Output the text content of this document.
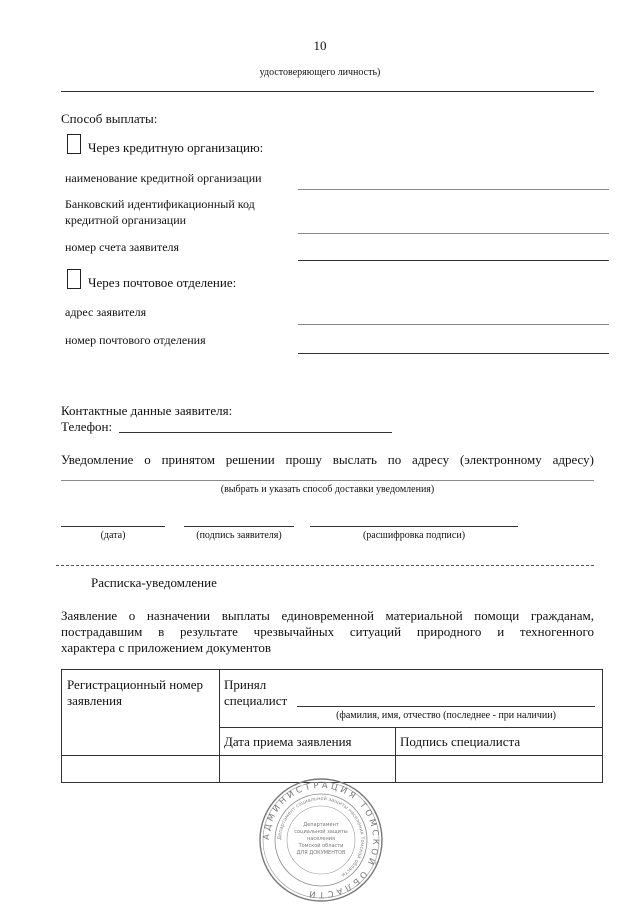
10
удостоверяющего личность)
Способ выплаты:
Через кредитную организацию:
наименование кредитной организации
Банковский идентификационный код
кредитной организации
номер счета заявителя
Через почтовое отделение:
адрес заявителя
номер почтового отделения
Контактные данные заявителя:
Телефон:
Уведомление о принятом решении прошу выслать по адресу (электронному адресу)
(выбрать и указать способ доставки уведомления)
(дата)	(подпись заявителя)	(расшифровка подписи)
Расписка-уведомление
Заявление о назначении выплаты единовременной материальной помощи гражданам,
пострадавшим в результате чрезвычайных ситуаций природного и техногенного
характера с приложением документов
Регистрационный номер заявления	Принял
специалист
(фамилия, имя, отчество (последнее - при наличии)	

	Дата приема заявления	Подпись специалиста

АДМИНИСТРАЦИЯ ТОМСКОЙ ОБЛАСТИ
Департамент социальной защиты населения Томской области
Департамент
социальной защиты
населения
Томской области
ДЛЯ ДОКУМЕНТОВ
